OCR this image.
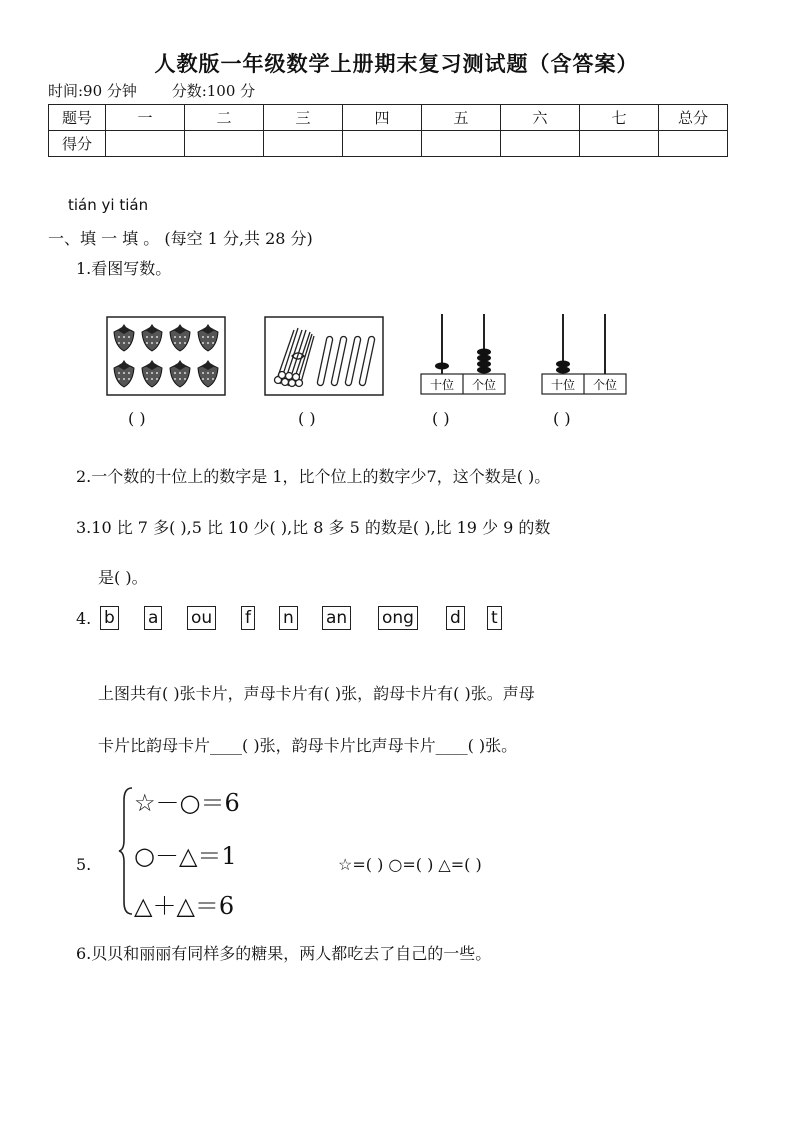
人教版一年级数学上册期末复习测试题（含答案）
时间:90 分钟 分数:100 分
题号	一	二	三	四	五	六	七	总分
得分								
tián yi tián
一、填 一 填 。 (每空 1 分,共 28 分)
1.看图写数。
十位 个位	十位 个位
( )	( )	( )	( )
2.一个数的十位上的数字是 1，比个位上的数字少7，这个数是( )。
3.10 比 7 多( ),5 比 10 少( ),比 8 多 5 的数是( ),比 19 少 9 的数
是( )。
4. b a ou f n an ong d t
上图共有( )张卡片，声母卡片有( )张，韵母卡片有( )张。声母
卡片比韵母卡片____( )张，韵母卡片比声母卡片____( )张。
5.
☆－○＝6
○－△＝1
△＋△＝6
☆=( ) ○=( ) △=( )
6.贝贝和丽丽有同样多的糖果，两人都吃去了自己的一些。
